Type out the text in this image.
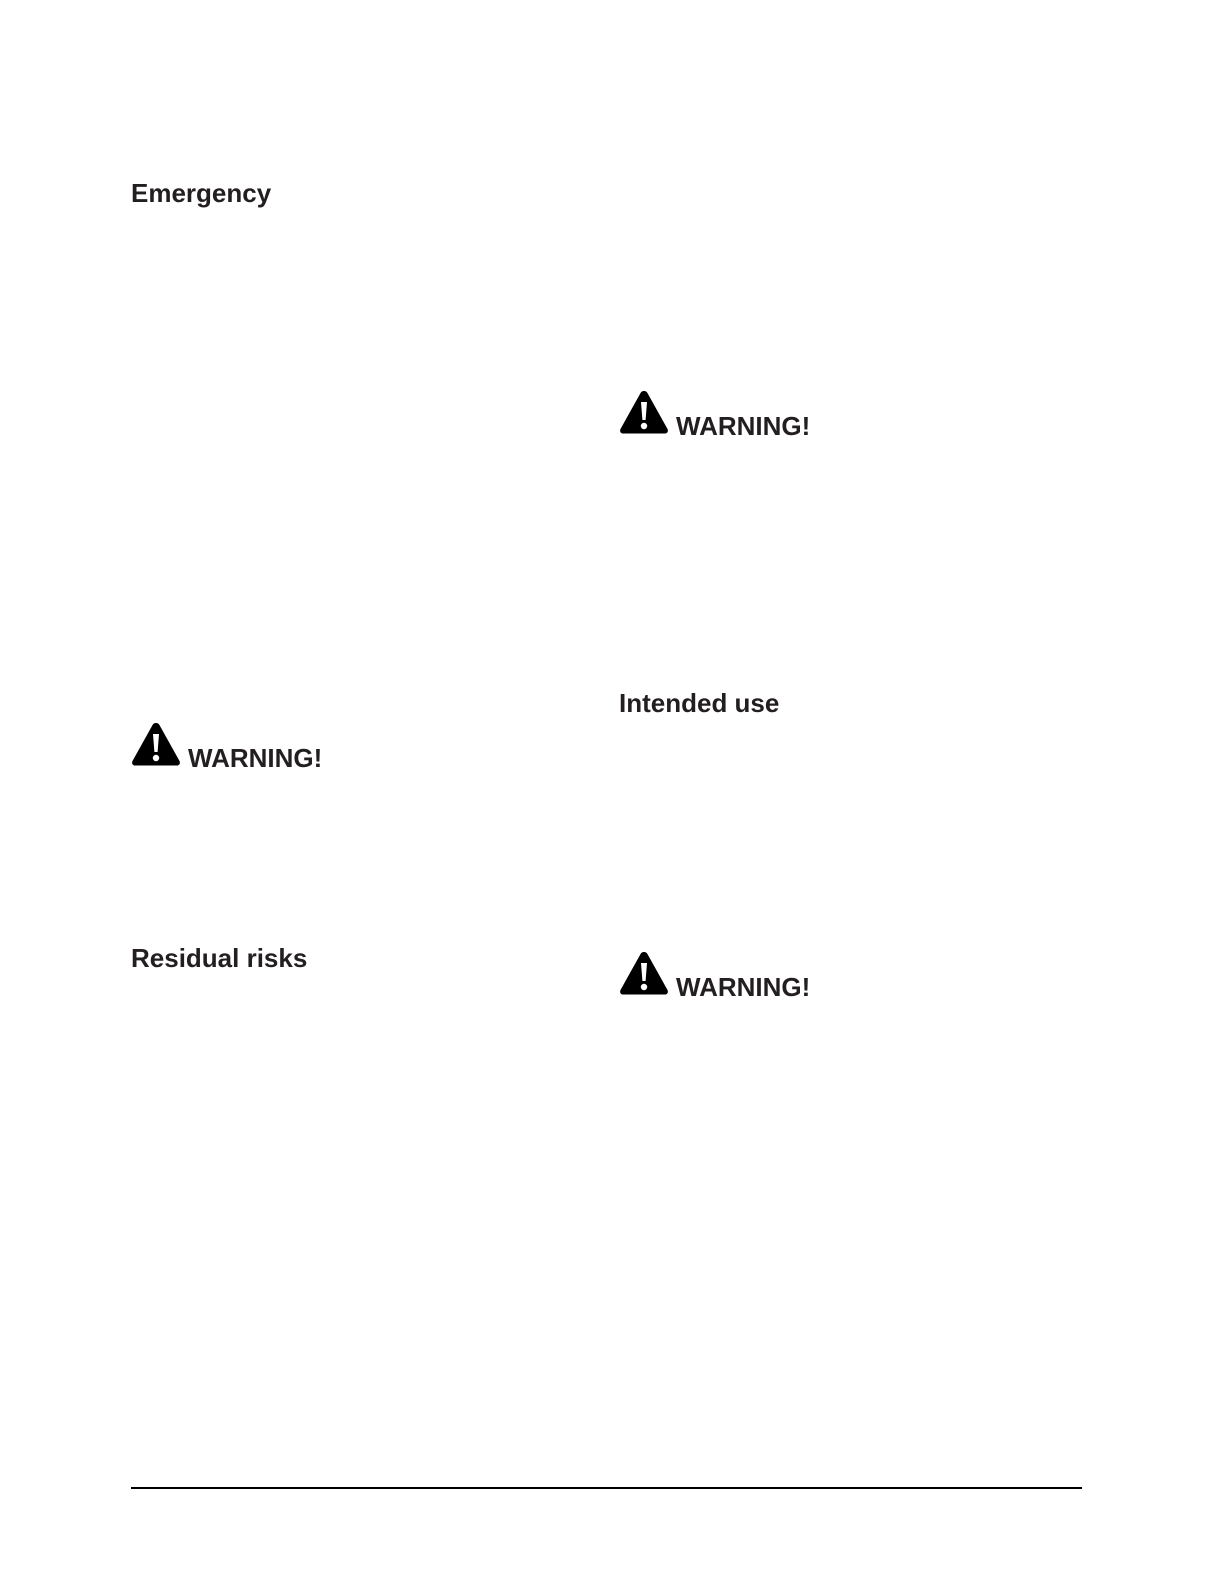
Emergency
WARNING!
Residual risks
WARNING!
Intended use
WARNING!
